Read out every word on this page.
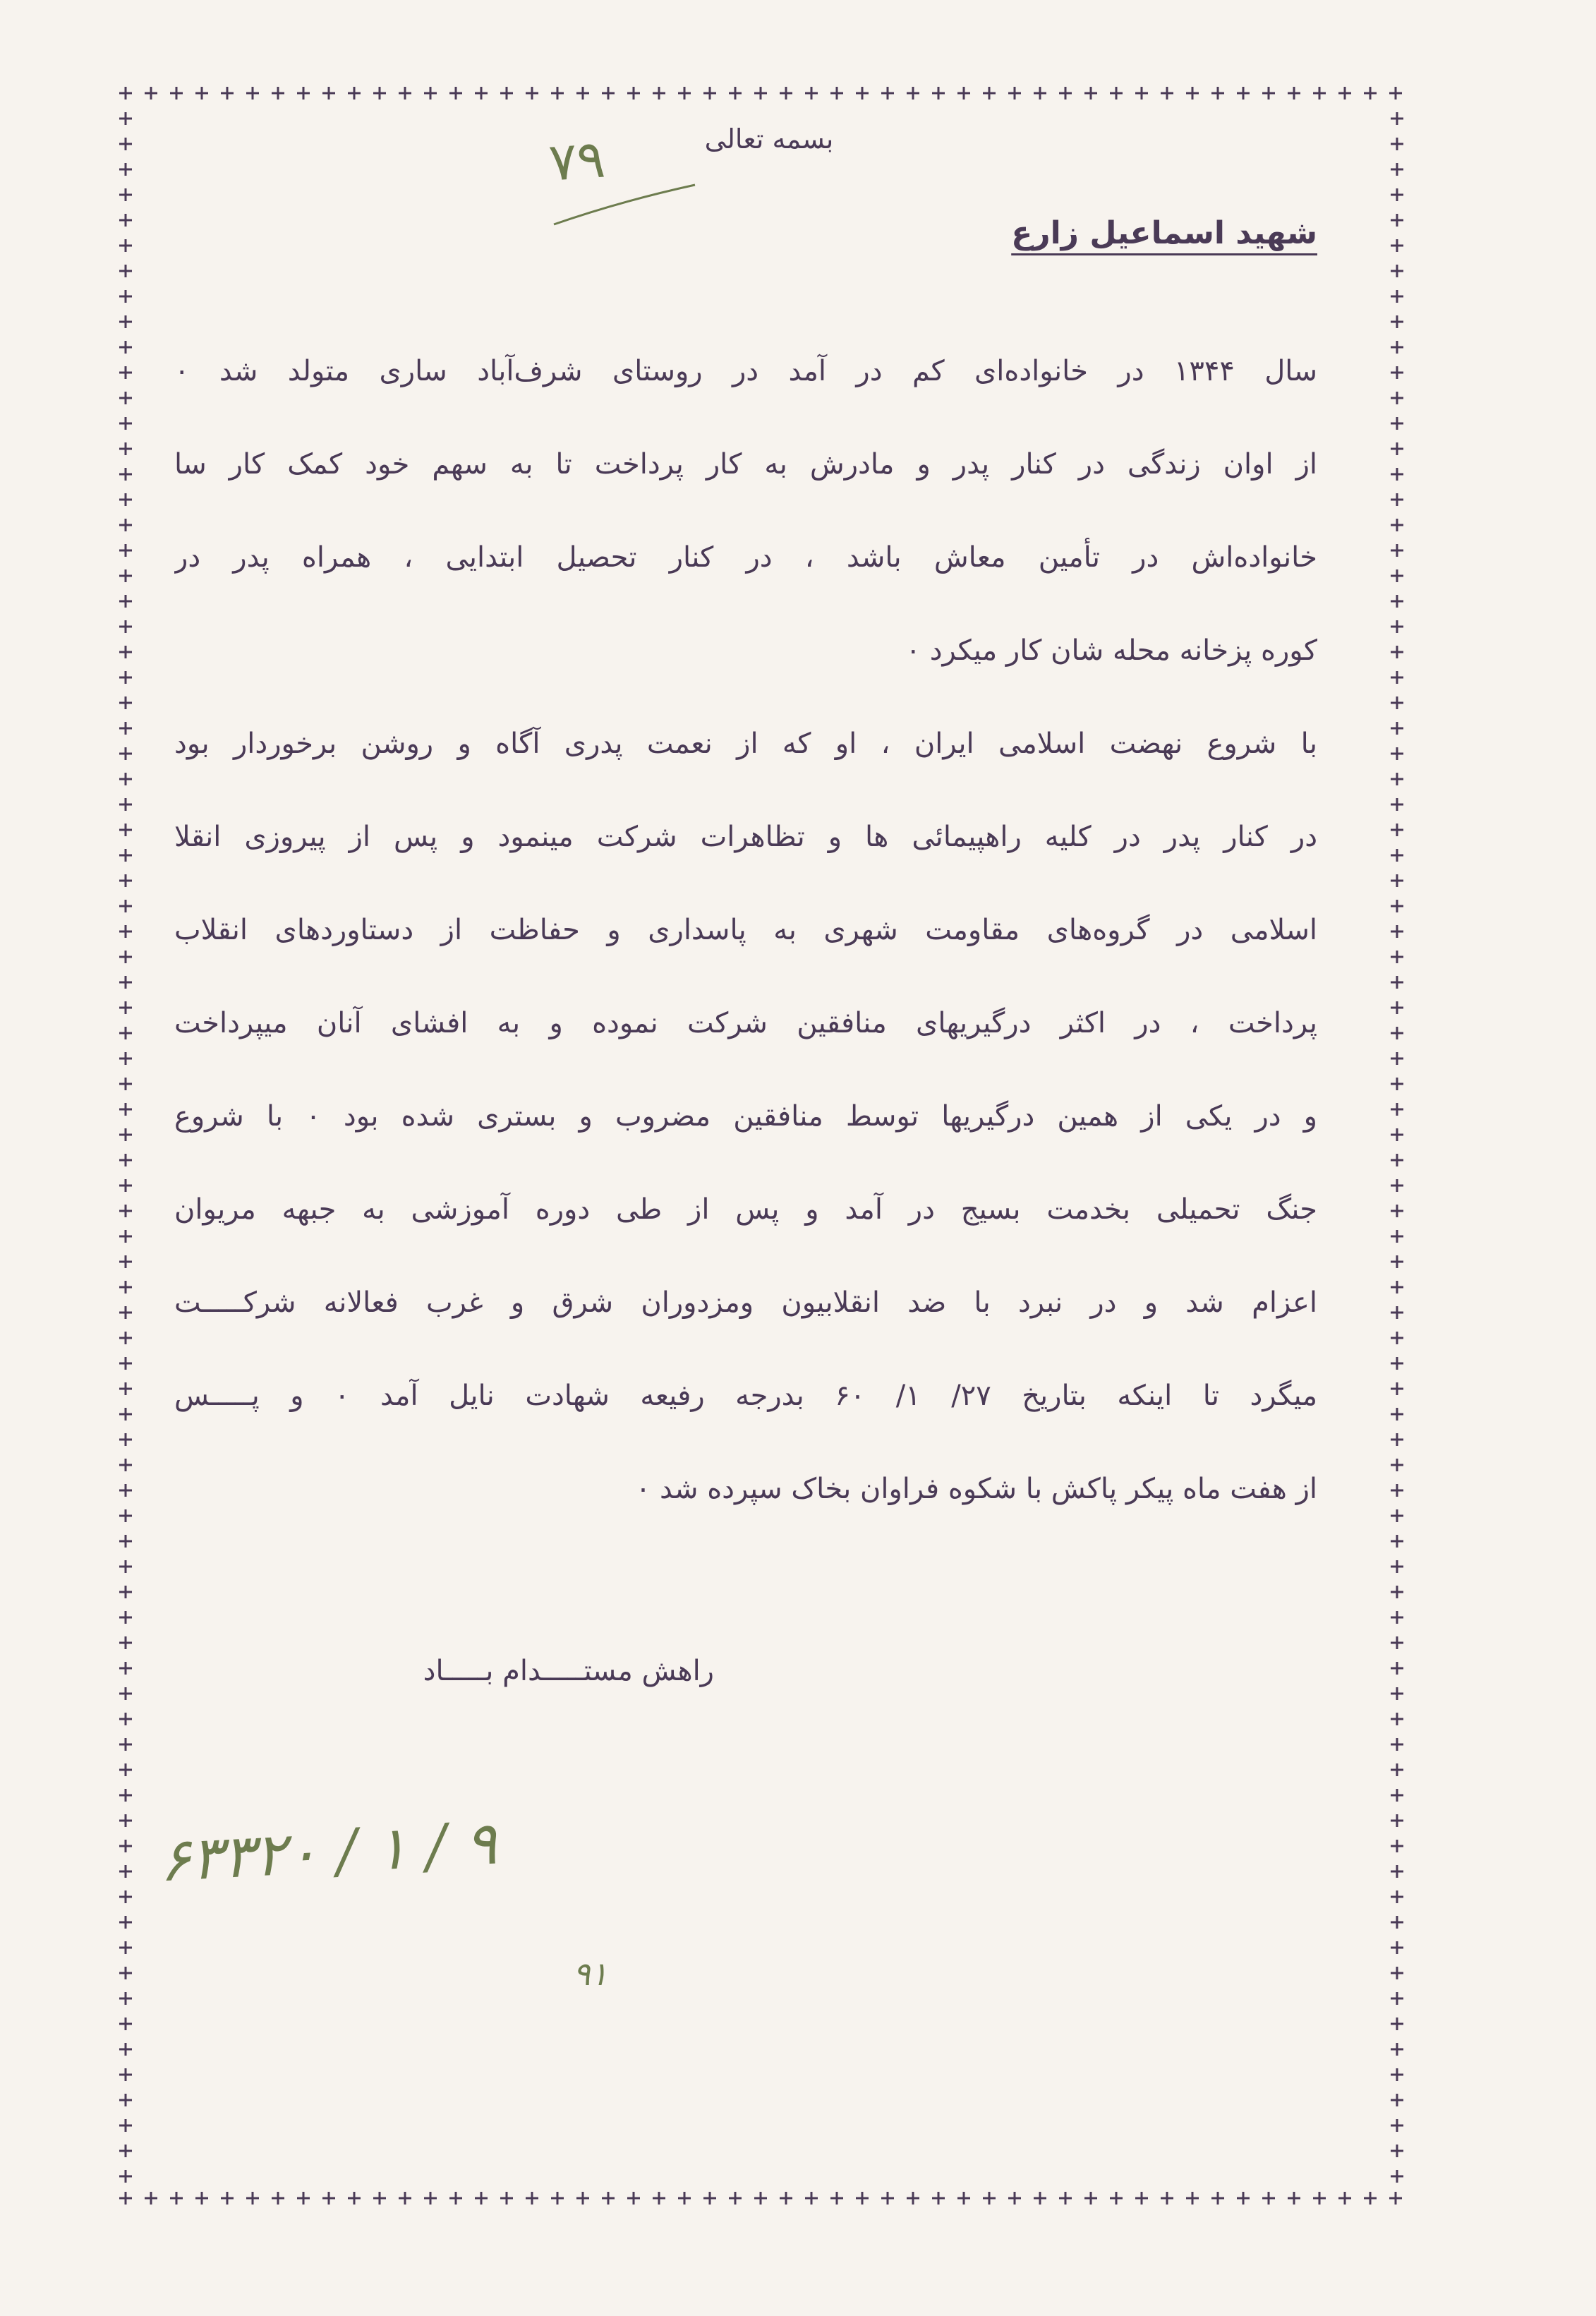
بسمه تعالی
۷۹
شهید اسماعیل زارع
سال ۱۳۴۴ در خانواده‌ای کم در آمد در روستای شرف‌آباد ساری متولد شد ۰
از اوان زندگی در کنار پدر و مادرش به کار پرداخت تا به سهم خود کمک کار سا
خانواده‌اش در تأمین معاش باشد ، در کنار تحصیل ابتدایی ، همراه پدر در
کوره پزخانه محله شان کار میکرد ۰
با شروع نهضت اسلامی ایران ، او که از نعمت پدری آگاه و روشن برخوردار بود
در کنار پدر در کلیه راهپیمائی ها و تظاهرات شرکت مینمود و پس از پیروزی انقلا
اسلامی در گروه‌های مقاومت شهری به پاسداری و حفاظت از دستاوردهای انقلاب
پرداخت ، در اکثر درگیریهای منافقین شرکت نموده و به افشای آنان میپرداخت
و در یکی از همین درگیریها توسط منافقین مضروب و بستری شده بود ۰ با شروع
جنگ تحمیلی بخدمت بسیج در آمد و پس از طی دوره آموزشی به جبهه مریوان
اعزام شد و در نبرد با ضد انقلابیون ومزدوران شرق و غرب فعالانه شرکـــــت
میگرد تا اینکه بتاریخ ۲۷/ ۱/ ۶۰ بدرجه رفیعه شهادت نایل آمد ۰ و پـــــس
از هفت ماه پیکر پاکش با شکوه فراوان بخاک سپرده شد ۰
راهش مستـــــدام بـــــاد
۶۳۳۲۰ / ۱ / ۹
۹۱
